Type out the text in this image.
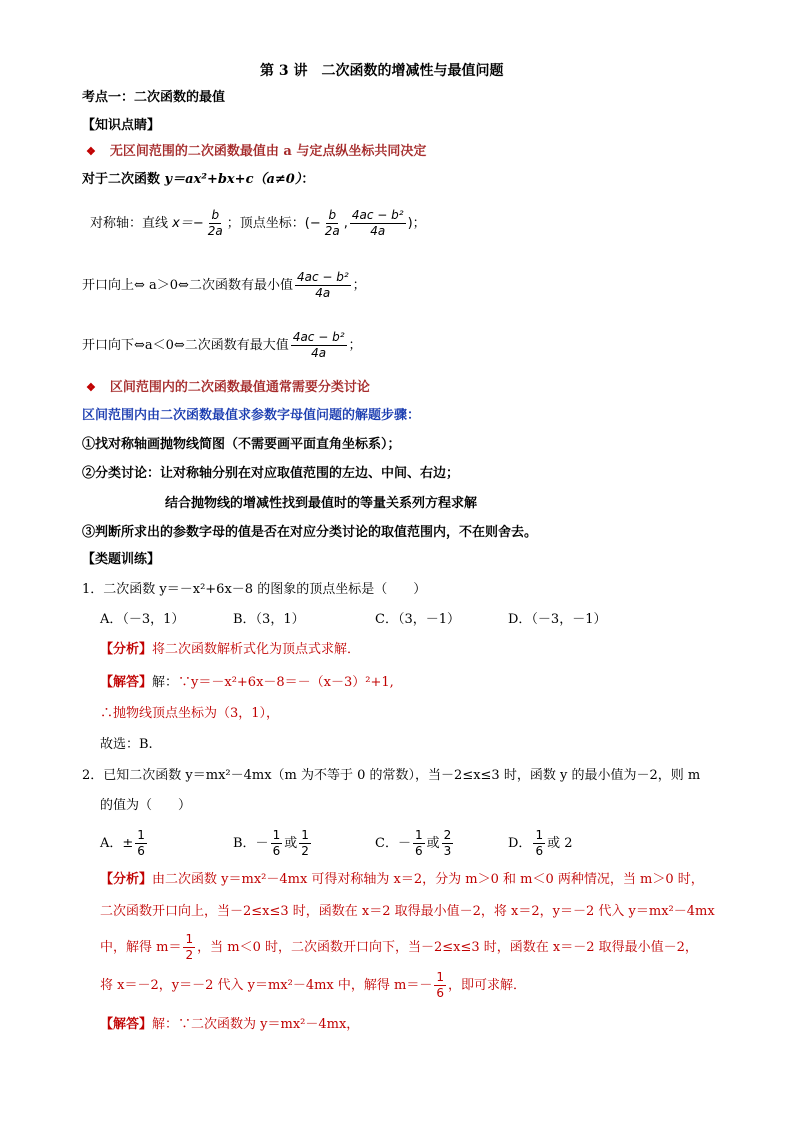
第 3 讲　二次函数的增减性与最值问题
考点一：二次函数的最值
【知识点睛】
❖ 无区间范围的二次函数最值由 a 与定点纵坐标共同决定
对于二次函数 y＝ax²+bx+c（a≠0）：
对称轴：直线 $x=- \frac{b}{2a}$ ；顶点坐标：(− $\frac{b}{2a}$ , $\frac{\text{4ac − b²}}{4a}$ )；
开口向上⇔ a＞0⇔二次函数有最小值 $\frac{\text{4ac − b²}}{4a}$ ；
开口向下⇔a＜0⇔二次函数有最大值 $\frac{\text{4ac − b²}}{4a}$ ；
❖ 区间范围内的二次函数最值通常需要分类讨论
区间范围内由二次函数最值求参数字母值问题的解题步骤：
①找对称轴画抛物线简图（不需要画平面直角坐标系）；
②分类讨论：让对称轴分别在对应取值范围的左边、中间、右边；
结合抛物线的增减性找到最值时的等量关系列方程求解
③判断所求出的参数字母的值是否在对应分类讨论的取值范围内，不在则舍去。
【类题训练】
1．二次函数 y＝－x²+6x－8 的图象的顶点坐标是（　　）
A．（－3，1）	B．（3，1）	C．（3，－1）	D．（－3，－1）
【分析】将二次函数解析式化为顶点式求解．
【解答】解：∵y＝－x²+6x－8＝－（x－3）²+1,
∴抛物线顶点坐标为（3，1），
故选：B.
2．已知二次函数 y＝mx²－4mx（m 为不等于 0 的常数），当－2≤x≤3 时，函数 y 的最小值为－2，则 m
的值为（　　）
A．± $\frac{1}{6}$	B．－ $\frac{1}{6}$ 或 $\frac{1}{2}$	C．－ $\frac{1}{6}$ 或 $\frac{2}{3}$	D． $\frac{1}{6}$ 或 2
【分析】由二次函数 y＝mx²－4mx 可得对称轴为 x＝2，分为 m＞0 和 m＜0 两种情况，当 m＞0 时，
二次函数开口向上，当－2≤x≤3 时，函数在 x＝2 取得最小值－2，将 x＝2，y＝－2 代入 y＝mx²－4mx
中，解得 $m= \frac{1}{2}$ ，当 m＜0 时，二次函数开口向下，当－2≤x≤3 时，函数在 x＝－2 取得最小值－2，
将 x＝－2，y＝－2 代入 y＝mx²－4mx 中，解得 $m=- \frac{1}{6}$ ，即可求解．
【解答】解：∵二次函数为 y＝mx²－4mx，
